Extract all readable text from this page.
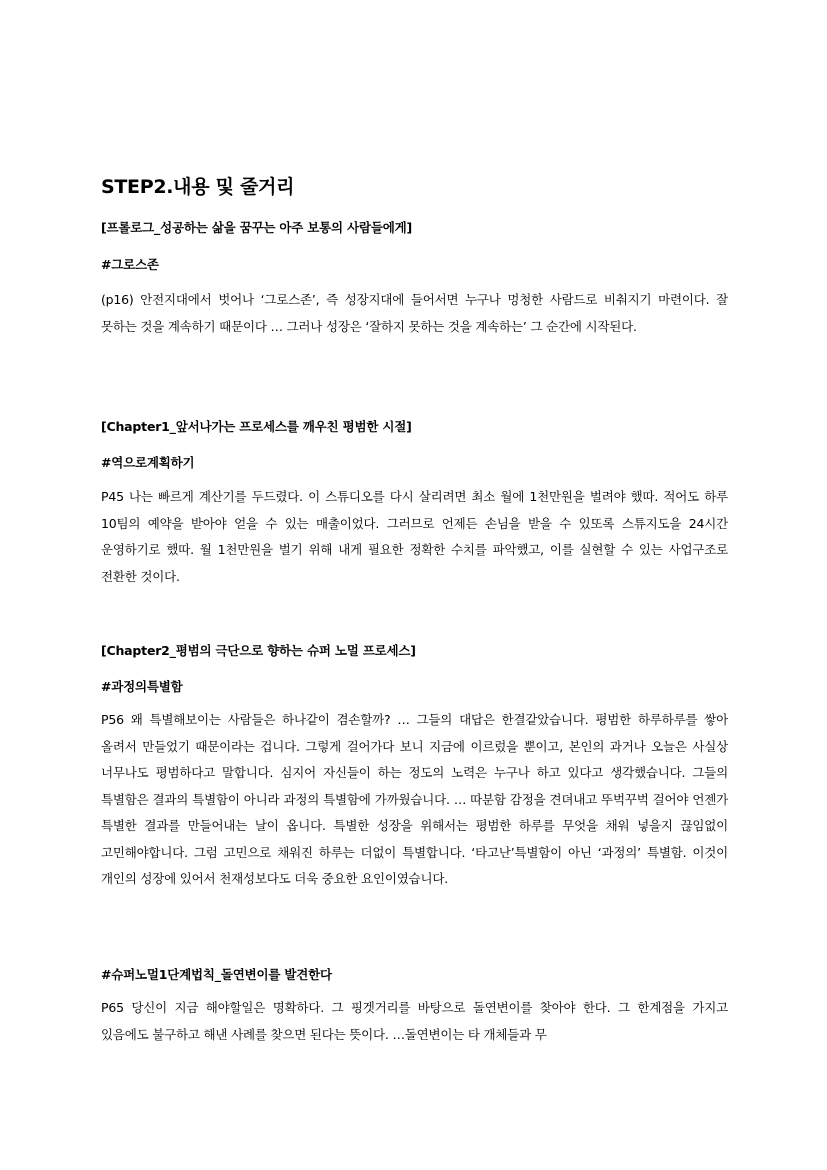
STEP2.내용 및 줄거리

[프롤로그_성공하는 삶을 꿈꾸는 아주 보통의 사람들에게]

#그로스존

(p16) 안전지대에서 벗어나 ‘그로스존’, 즉 성장지대에 들어서면 누구나 멍청한 사람드로 비춰지기 마련이다. 잘 못하는 것을 계속하기 때문이다 … 그러나 성장은 ‘잘하지 못하는 것을 계속하는’ 그 순간에 시작된다.

[Chapter1_앞서나가는 프로세스를 깨우친 평범한 시절]

#역으로계획하기

P45 나는 빠르게 계산기를 두드렸다. 이 스튜디오를 다시 살리려면 최소 월에 1천만원을 벌려야 했따. 적어도 하루 10팀의 예약을 받아야 얻을 수 있는 매출이었다. 그러므로 언제든 손님을 받을 수 있또록 스튜지도을 24시간 운영하기로 했따. 월 1천만원을 벌기 위해 내게 필요한 정확한 수치를 파악했고, 이를 실현할 수 있는 사업구조로 전환한 것이다.

[Chapter2_평범의 극단으로 향하는 슈퍼 노멀 프로세스]

#과정의특별함

P56 왜 특별해보이는 사람들은 하나같이 겸손할까? … 그들의 대답은 한결같았습니다. 평범한 하루하루를 쌓아 올려서 만들었기 때문이라는 겁니다. 그렇게 걸어가다 보니 지금에 이르렀을 뿐이고, 본인의 과거나 오늘은 사실상 너무나도 평범하다고 말합니다. 심지어 자신들이 하는 정도의 노력은 누구나 하고 있다고 생각했습니다. 그들의 특별함은 결과의 특별함이 아니라 과정의 특별함에 가까웠습니다. … 따분함 감정을 견뎌내고 뚜벅꾸벅 걸어야 언젠가 특별한 결과를 만들어내는 날이 옵니다. 특별한 성장을 위해서는 평범한 하루를 무엇을 채워 넣을지 끊임없이 고민해야합니다. 그럼 고민으로 채워진 하루는 더없이 특별합니다. ‘타고난’특별함이 아닌 ‘과정의’ 특별함. 이것이 개인의 성장에 있어서 천재성보다도 더욱 중요한 요인이였습니다.

#슈퍼노멀1단계법칙_돌연변이를 발견한다

P65 당신이 지금 해야할일은 명확하다. 그 핑겟거리를 바탕으로 돌연변이를 찾아야 한다. 그 한계점을 가지고 있음에도 불구하고 해낸 사례를 찾으면 된다는 뜻이다. …돌연변이는 타 개체들과 무
